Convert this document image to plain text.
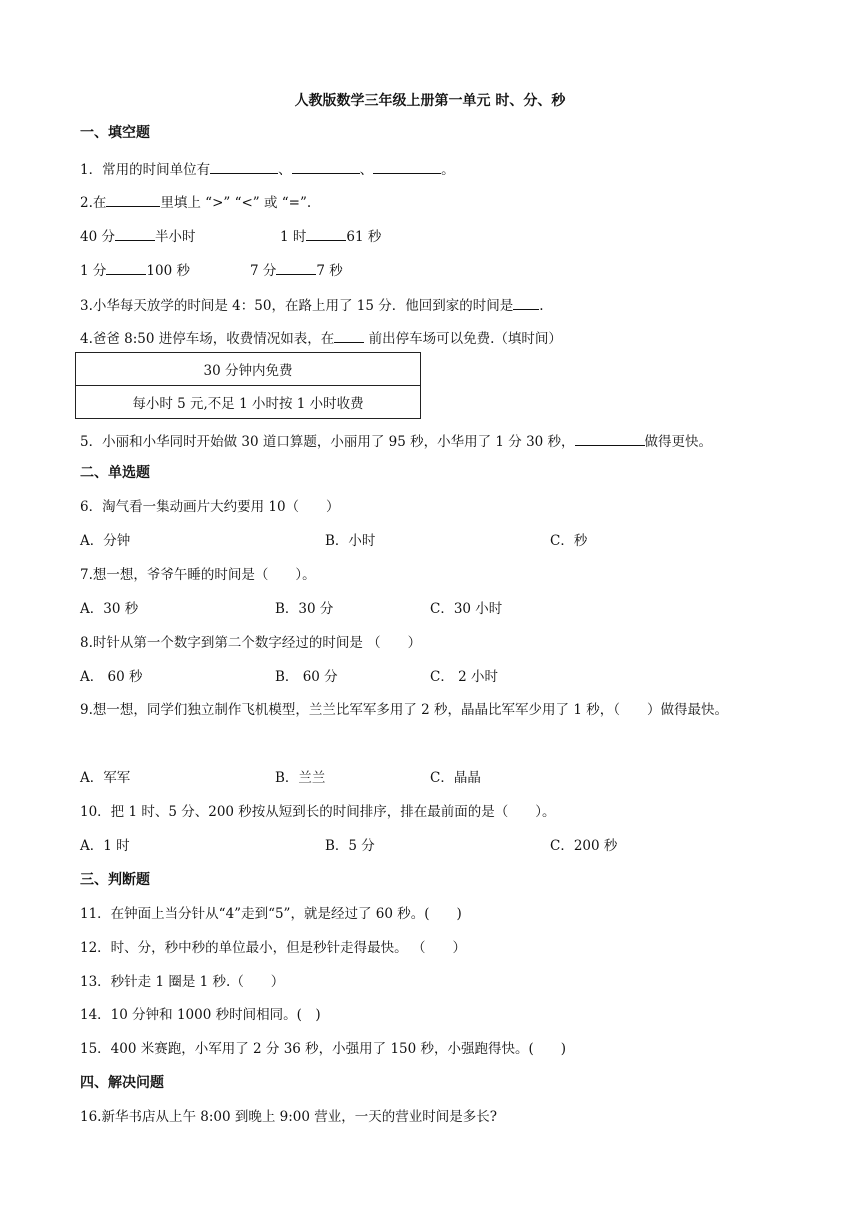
人教版数学三年级上册第一单元 时、分、秒
一、填空题
1．常用的时间单位有	、	、	。
2.在	里填上 “>” “<” 或 “=”.
40 分	半小时	1 时	61 秒
1 分	100 秒	7 分	7 秒
3.小华每天放学的时间是 4：50，在路上用了 15 分．他回到家的时间是 .
4.爸爸 8:50 进停车场，收费情况如表，在 前出停车场可以免费.（填时间）
30 分钟内免费
每小时 5 元,不足 1 小时按 1 小时收费
5．小丽和小华同时开始做 30 道口算题，小丽用了 95 秒，小华用了 1 分 30 秒，	做得更快。
二、单选题
6．淘气看一集动画片大约要用 10（　　）
A．分钟	B．小时	C．秒
7.想一想，爷爷午睡的时间是（　　）。
A．30 秒	B．30 分	C．30 小时
8.时针从第一个数字到第二个数字经过的时间是 （　　）
A． 60 秒	B． 60 分	C． 2 小时
9.想一想，同学们独立制作飞机模型，兰兰比军军多用了 2 秒，晶晶比军军少用了 1 秒，（　　）做得最快。
A．军军	B．兰兰	C．晶晶
10．把 1 时、5 分、200 秒按从短到长的时间排序，排在最前面的是（　　）。
A．1 时	B．5 分	C．200 秒
三、判断题
11．在钟面上当分针从“4”走到“5”，就是经过了 60 秒。(　　)
12．时、分，秒中秒的单位最小，但是秒针走得最快。 （　　）
13．秒针走 1 圈是 1 秒.（　　）
14．10 分钟和 1000 秒时间相同。(　)
15．400 米赛跑，小军用了 2 分 36 秒，小强用了 150 秒，小强跑得快。(　　)
四、解决问题
16.新华书店从上午 8:00 到晚上 9:00 营业，一天的营业时间是多长?
